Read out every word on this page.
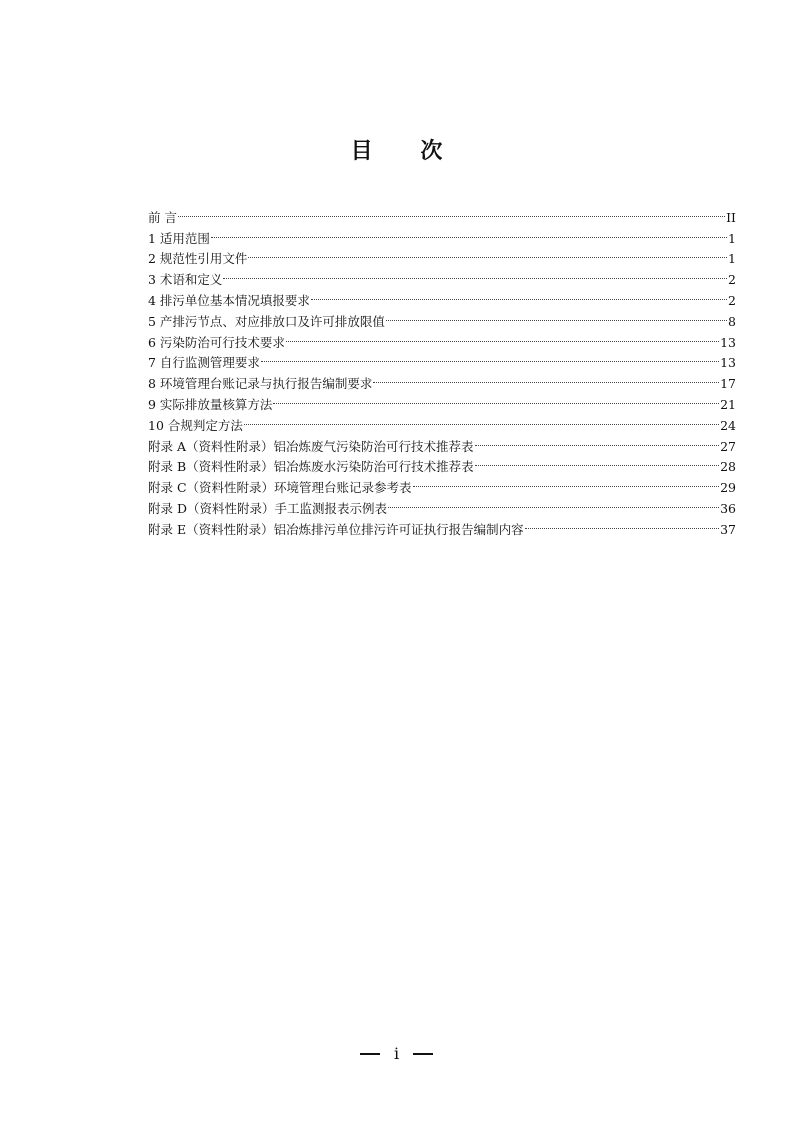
目 次
前 言	II
1 适用范围	1
2 规范性引用文件	1
3 术语和定义	2
4 排污单位基本情况填报要求	2
5 产排污节点、对应排放口及许可排放限值	8
6 污染防治可行技术要求	13
7 自行监测管理要求	13
8 环境管理台账记录与执行报告编制要求	17
9 实际排放量核算方法	21
10 合规判定方法	24
附录 A（资料性附录）铝冶炼废气污染防治可行技术推荐表	27
附录 B（资料性附录）铝冶炼废水污染防治可行技术推荐表	28
附录 C（资料性附录）环境管理台账记录参考表	29
附录 D（资料性附录）手工监测报表示例表	36
附录 E（资料性附录）铝冶炼排污单位排污许可证执行报告编制内容	37
i
